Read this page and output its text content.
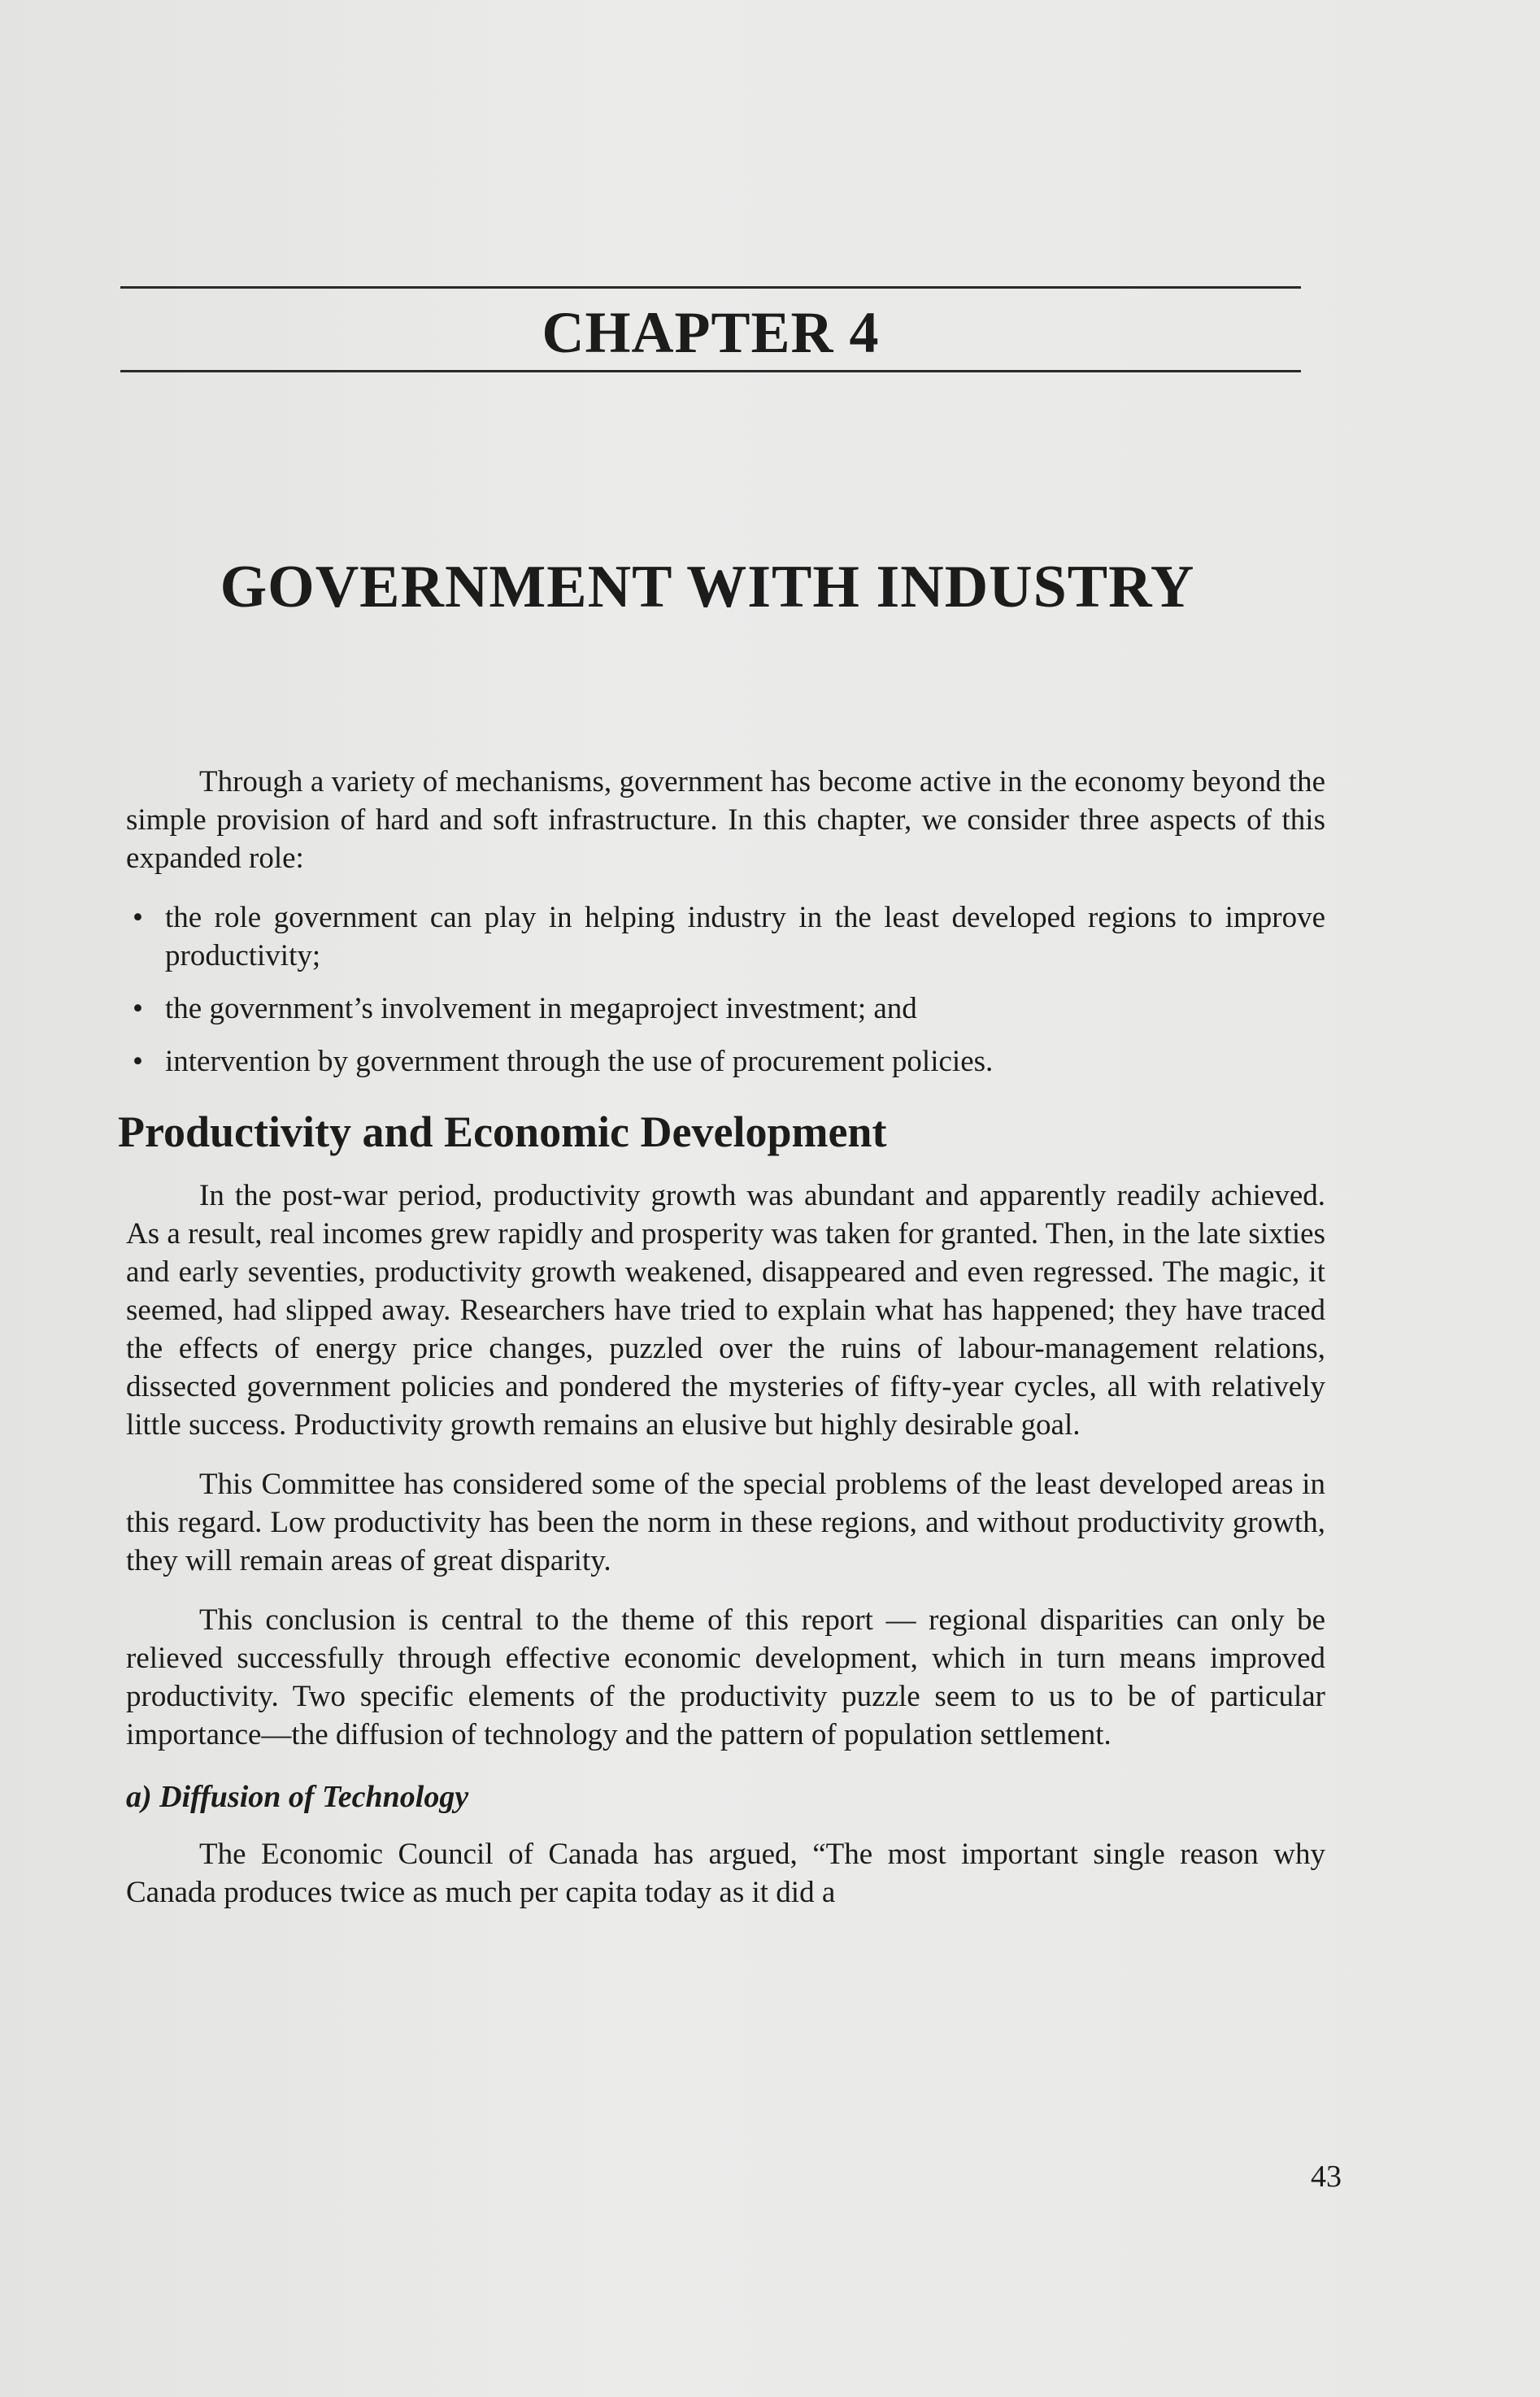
CHAPTER 4
GOVERNMENT WITH INDUSTRY

Through a variety of mechanisms, government has become active in the economy beyond the simple provision of hard and soft infrastructure. In this chapter, we consider three aspects of this expanded role:

• the role government can play in helping industry in the least developed regions to improve productivity;
• the government’s involvement in megaproject investment; and
• intervention by government through the use of procurement policies.
Productivity and Economic Development

In the post-war period, productivity growth was abundant and apparently readily achieved. As a result, real incomes grew rapidly and prosperity was taken for granted. Then, in the late sixties and early seventies, productivity growth weakened, disappeared and even regressed. The magic, it seemed, had slipped away. Researchers have tried to explain what has happened; they have traced the effects of energy price changes, puzzled over the ruins of labour-management relations, dissected government policies and pondered the mysteries of fifty-year cycles, all with relatively little success. Productivity growth remains an elusive but highly desirable goal.

This Committee has considered some of the special problems of the least developed areas in this regard. Low productivity has been the norm in these regions, and without productivity growth, they will remain areas of great disparity.

This conclusion is central to the theme of this report — regional disparities can only be relieved successfully through effective economic development, which in turn means improved productivity. Two specific elements of the productivity puzzle seem to us to be of particular importance—the diffusion of technology and the pattern of population settlement.

a) Diffusion of Technology

The Economic Council of Canada has argued, “The most important single reason why Canada produces twice as much per capita today as it did a

43
